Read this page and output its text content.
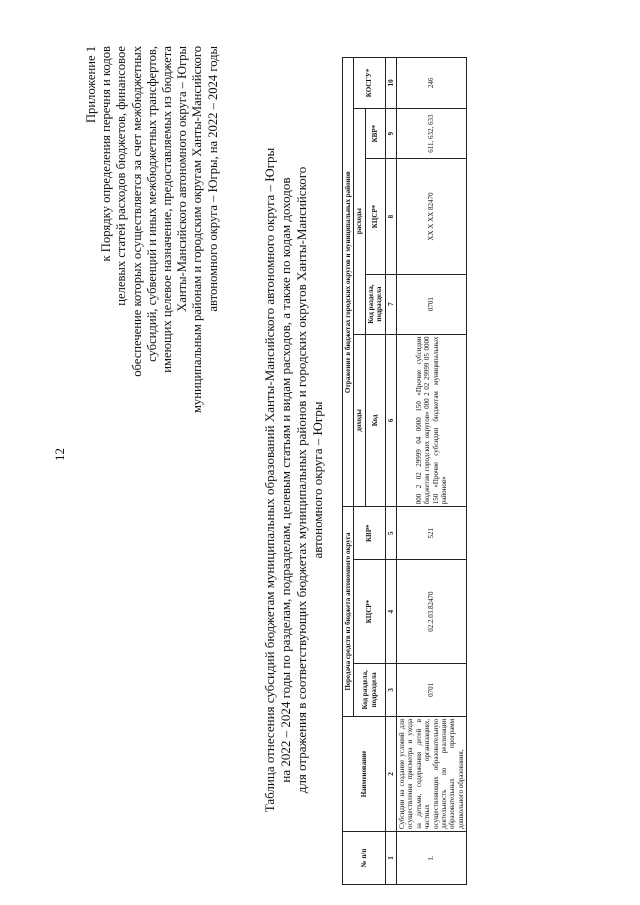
12
Приложение 1 к Порядку определения перечня и кодов целевых статей расходов бюджетов, финансовое обеспечение которых осуществляется за счет межбюджетных субсидий, субвенций и иных межбюджетных трансфертов, имеющих целевое назначение, предоставляемых из бюджета Ханты-Мансийского автономного округа – Югры муниципальным районам и городским округам Ханты-Мансийского автономного округа – Югры, на 2022 – 2024 годы	Таблица отнесения субсидий бюджетам муниципальных образований Ханты-Мансийского автономного округа – Югры на 2022 – 2024 годы по разделам, подразделам, целевым статьям и видам расходов, а также по кодам доходов для отражения в соответствующих бюджетах муниципальных районов и городских округов Ханты-Мансийского автономного округа – Югры
№ п/п	Наименование	Передача средств из бюджета автономного округа			Отражение в бюджетах городских округов и муниципальных районов				
		Код раздела, подраздела	КЦСР*	КВР*	доходы	расходы			КОСГУ*
					Код	Код раздела, подраздела	КЦСР*	КВР*	
1	2	3	4	5	6	7	8	9	10
1.	Субсидии на создание условий для осуществления присмотра и ухода за детьми, содержания детей в частных организациях, осуществляющих образовательную деятельность по реализации образовательных программ дошкольного образования,	0701	02.2.03.82470	521	000 2 02 29999 04 0000 150 «Прочие субсидии бюджетам городских округов» 000 2 02 29999 05 0000 150 «Прочие субсидии бюджетам муниципальных районов»	0701	XX X XX 82470	611, 632, 633	246
